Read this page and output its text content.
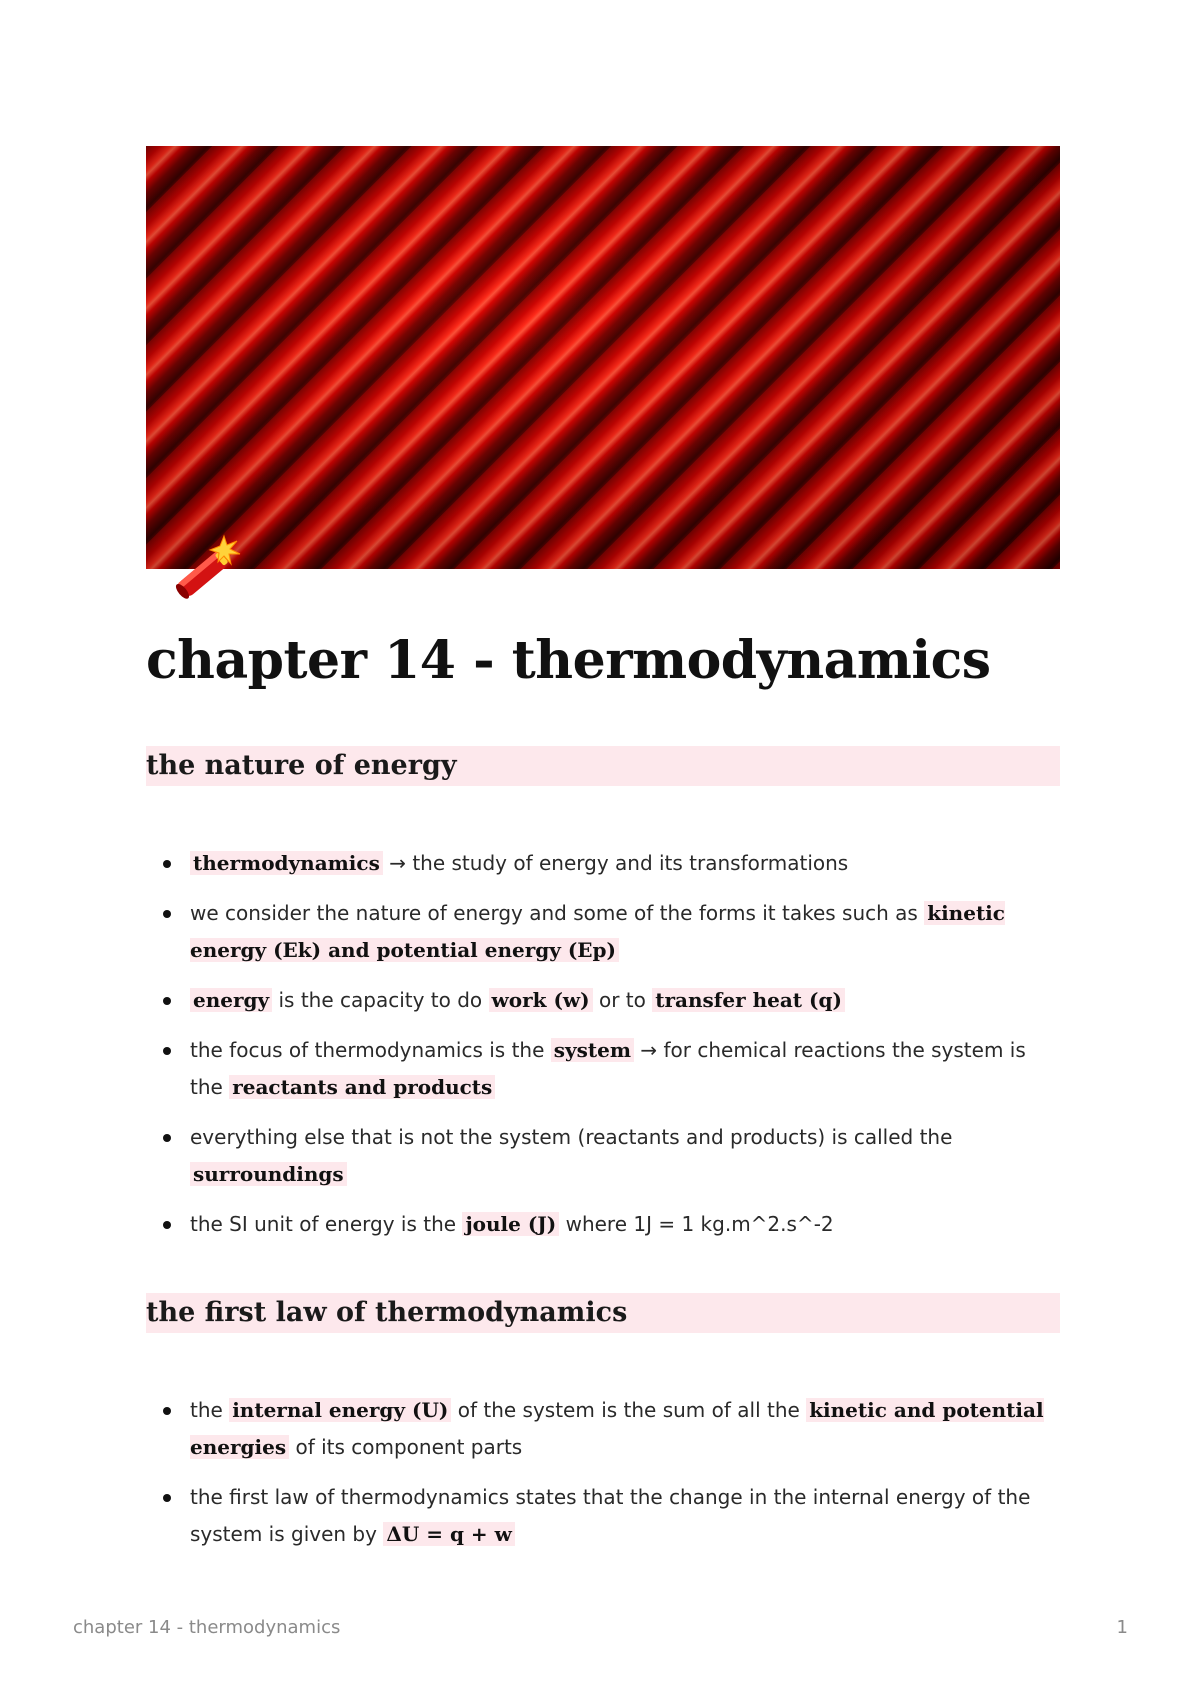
chapter 14 - thermodynamics
the nature of energy
thermodynamics → the study of energy and its transformations
we consider the nature of energy and some of the forms it takes such as kinetic energy (Ek) and potential energy (Ep)
energy is the capacity to do work (w) or to transfer heat (q)
the focus of thermodynamics is the system → for chemical reactions the system is the reactants and products
everything else that is not the system (reactants and products) is called the surroundings
the SI unit of energy is the joule (J) where 1J = 1 kg.m^2.s^-2
the first law of thermodynamics
the internal energy (U) of the system is the sum of all the kinetic and potential energies of its component parts
the first law of thermodynamics states that the change in the internal energy of the system is given by ΔU = q + w
chapter 14 - thermodynamics	1
